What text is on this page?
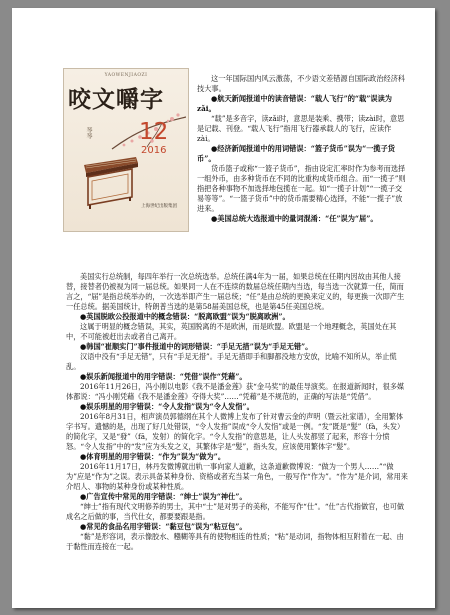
YAOWENJIAOZI
咬文嚼字
12
2016
琴琴
上海世纪出版集团

这一年国际国内风云激荡，不少语文差错源自国际政治经济科技大事。

● 航天新闻报道中的读音错误：“载人飞行”的“载”误读为zǎi。

“载”是多音字，读zǎi时，意思是装乘、携带；读zài时，意思是记载、刊登。“载人飞行”指用飞行器承载人的飞行，应读作zài。

● 经济新闻报道中的用词错误：“篮子货币”误为“一揽子货币”。

货币篮子或称“一篮子货币”，指由设定汇率时作为参考而选择一组外币，由多种货币在不同的比重构成货币组合。而“一揽子”则指把各种事物不加选择地包揽在一起。如“一揽子计划”“一揽子交易等等”。“一篮子货币”中的货币需要精心选择，不能“一揽子”放进来。

● 美国总统大选报道中的量词混淆：“任”误为“届”。

美国实行总统制，每四年举行一次总统选举。总统任满4年为一届，如果总统在任期内因故由其他人接替，接替者仍被视为同一届总统。如果同一人在不连续的数届总统任期内当选，每当选一次就算一任，简而言之，“届”是指总统举办的，一次选举即产生一届总统；“任”是由总统的更换来定义的，每更换一次即产生一任总统。据美国统计，特朗普当选的是第58届美国总统，也是第45任美国总统。

● 英国脱欧公投报道中的概念错误：“脱离欧盟”误为“脱离欧洲”。

这属于明显的概念错误，其实，英国脱离的不是欧洲，而是欧盟。欧盟是一个地理概念，英国处在其中，不可能被赶出去或者自己离开。

● 韩国“崔顺实门”事件报道中的词形错误：“手足无措”误为“手足无错”。

汉语中没有“手足无错”，只有“手足无措”。手足无措即手和脚都没地方安放，比喻不知所从，举止慌乱。

● 娱乐新闻报道中的用字错误：“凭借”误作“凭藉”。

2016年11月26日，冯小刚以电影《我不是潘金莲》获“金马奖”的最佳导演奖。在报道新闻时，很多媒体都说：“冯小刚凭藉《我不是潘金莲》夺得大奖”……“凭藉”是不规范的，正确的写法是“凭借”。

● 娱乐明星的用字错误：“令人发指”误为“令人发恉”。

2016年8月31日，相声演员郭德纲在其个人微博上发布了针对曹云金的声明（暨云社家谱），全用繁体字书写。遗憾的是，出现了好几处错误，“令人发指”误成“令人发恉”或是一例。“发”既是“髪”（fà，头发）的简化字，又是“發”（fā，发射）的简化字。“令人发指”的意思是，让人头发都竖了起来，形容十分愤怒。“令人发指”中的“发”应为头发之义，其繁体字是“髪”，指头发，应该使用繁体字“髪”。

● 体育明星的用字错误：“作为”误为“做为”。

2016年11月17日，林丹发微博就出轨一事向家人道歉，这条道歉微博说：“做为一个男人……”“做为”应是“作为”之误。表示具备某种身份、资格或者充当某一角色，一般写作“作为”。“作为”是介词，常用来介绍人、事物的某种身份或某种性质。

● 广告宣传中常见的用字错误：“绅士”误为“神仕”。

“绅士”指有现代文明修养的男士，其中“士”是对男子的美称，不能写作“仕”。“仕”古代指做官，也可做成名之后做的事，当代仕女，都要要跟是指。

● 常见的食品名用字错误：“黏豆包”误为“粘豆包”。

“黏”是形容词，表示像胶水、糨糊等具有的使物相连的性质；“粘”是动词，指物体相互附着在一起、由于黏性而连接在一起。
